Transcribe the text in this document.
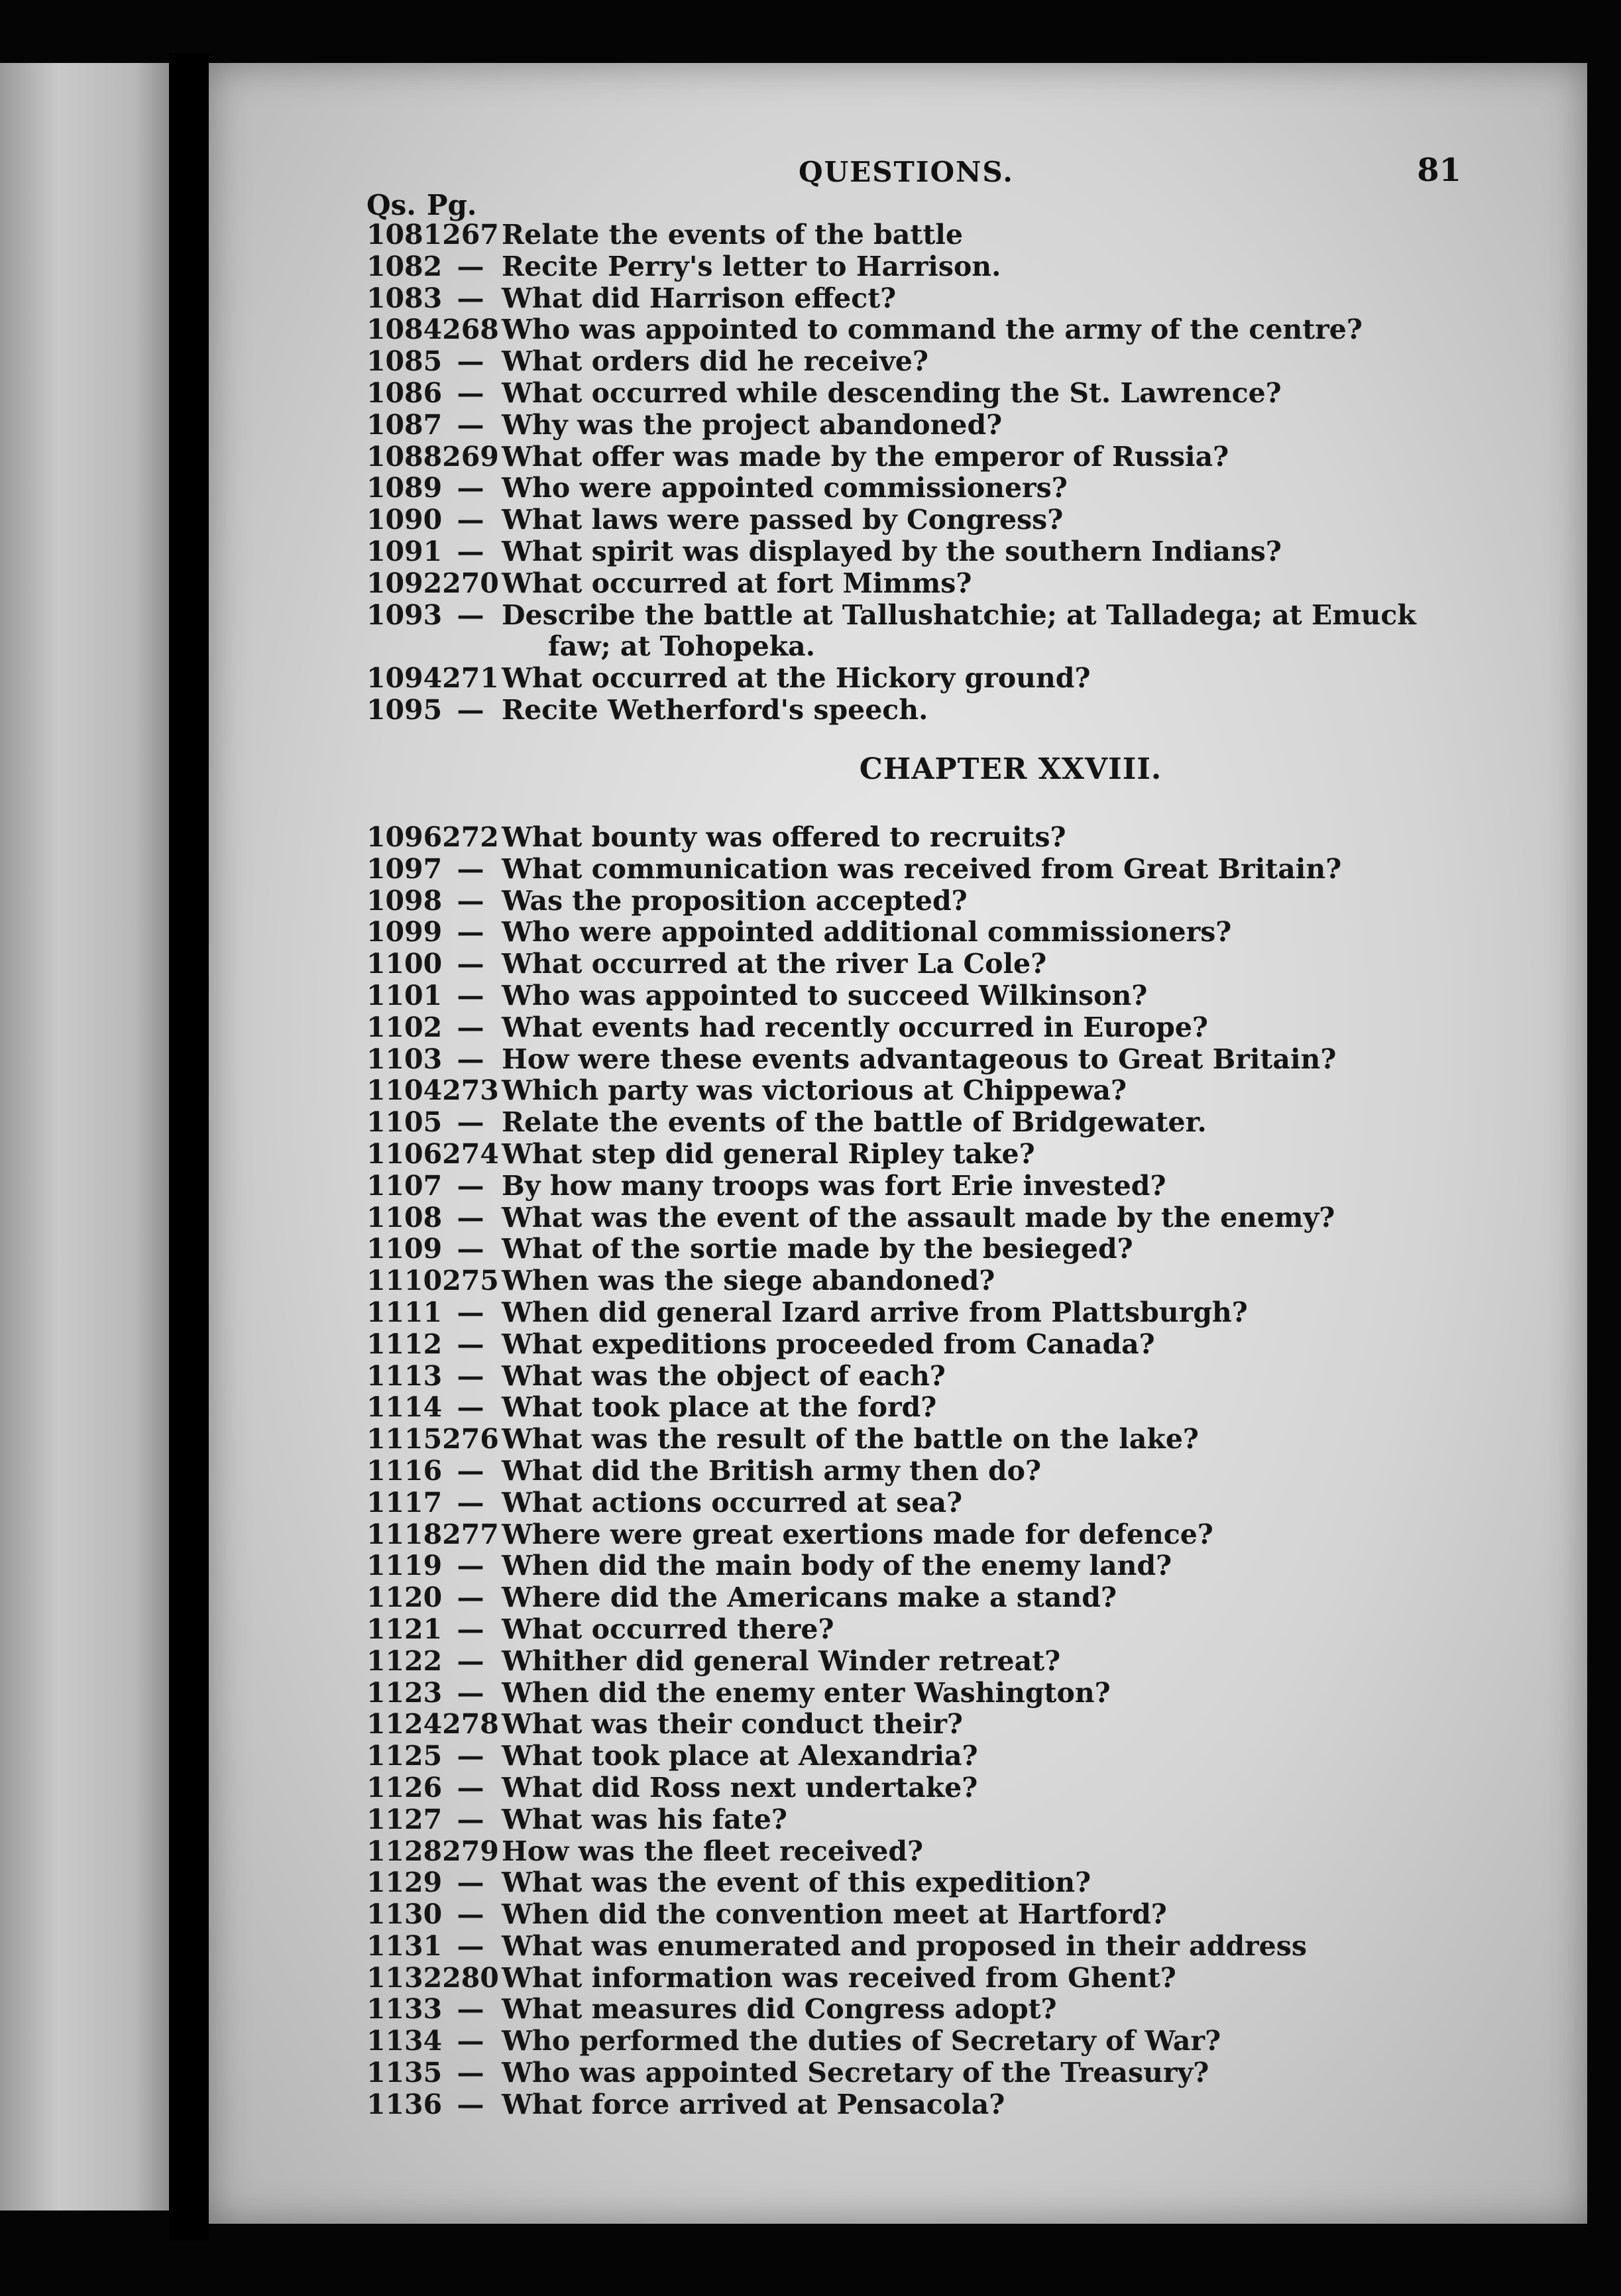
QUESTIONS.	81
Qs. Pg.
1081 267 Relate the events of the battle
1082 — Recite Perry's letter to Harrison.
1083 — What did Harrison effect?
1084 268 Who was appointed to command the army of the centre?
1085 — What orders did he receive?
1086 — What occurred while descending the St. Lawrence?
1087 — Why was the project abandoned?
1088 269 What offer was made by the emperor of Russia?
1089 — Who were appointed commissioners?
1090 — What laws were passed by Congress?
1091 — What spirit was displayed by the southern Indians?
1092 270 What occurred at fort Mimms?
1093 — Describe the battle at Tallushatchie; at Talladega; at Emuck
faw; at Tohopeka.
1094 271 What occurred at the Hickory ground?
1095 — Recite Wetherford's speech.
CHAPTER XXVIII.
1096 272 What bounty was offered to recruits?
1097 — What communication was received from Great Britain?
1098 — Was the proposition accepted?
1099 — Who were appointed additional commissioners?
1100 — What occurred at the river La Cole?
1101 — Who was appointed to succeed Wilkinson?
1102 — What events had recently occurred in Europe?
1103 — How were these events advantageous to Great Britain?
1104 273 Which party was victorious at Chippewa?
1105 — Relate the events of the battle of Bridgewater.
1106 274 What step did general Ripley take?
1107 — By how many troops was fort Erie invested?
1108 — What was the event of the assault made by the enemy?
1109 — What of the sortie made by the besieged?
1110 275 When was the siege abandoned?
1111 — When did general Izard arrive from Plattsburgh?
1112 — What expeditions proceeded from Canada?
1113 — What was the object of each?
1114 — What took place at the ford?
1115 276 What was the result of the battle on the lake?
1116 — What did the British army then do?
1117 — What actions occurred at sea?
1118 277 Where were great exertions made for defence?
1119 — When did the main body of the enemy land?
1120 — Where did the Americans make a stand?
1121 — What occurred there?
1122 — Whither did general Winder retreat?
1123 — When did the enemy enter Washington?
1124 278 What was their conduct their?
1125 — What took place at Alexandria?
1126 — What did Ross next undertake?
1127 — What was his fate?
1128 279 How was the fleet received?
1129 — What was the event of this expedition?
1130 — When did the convention meet at Hartford?
1131 — What was enumerated and proposed in their address
1132 280 What information was received from Ghent?
1133 — What measures did Congress adopt?
1134 — Who performed the duties of Secretary of War?
1135 — Who was appointed Secretary of the Treasury?
1136 — What force arrived at Pensacola?
